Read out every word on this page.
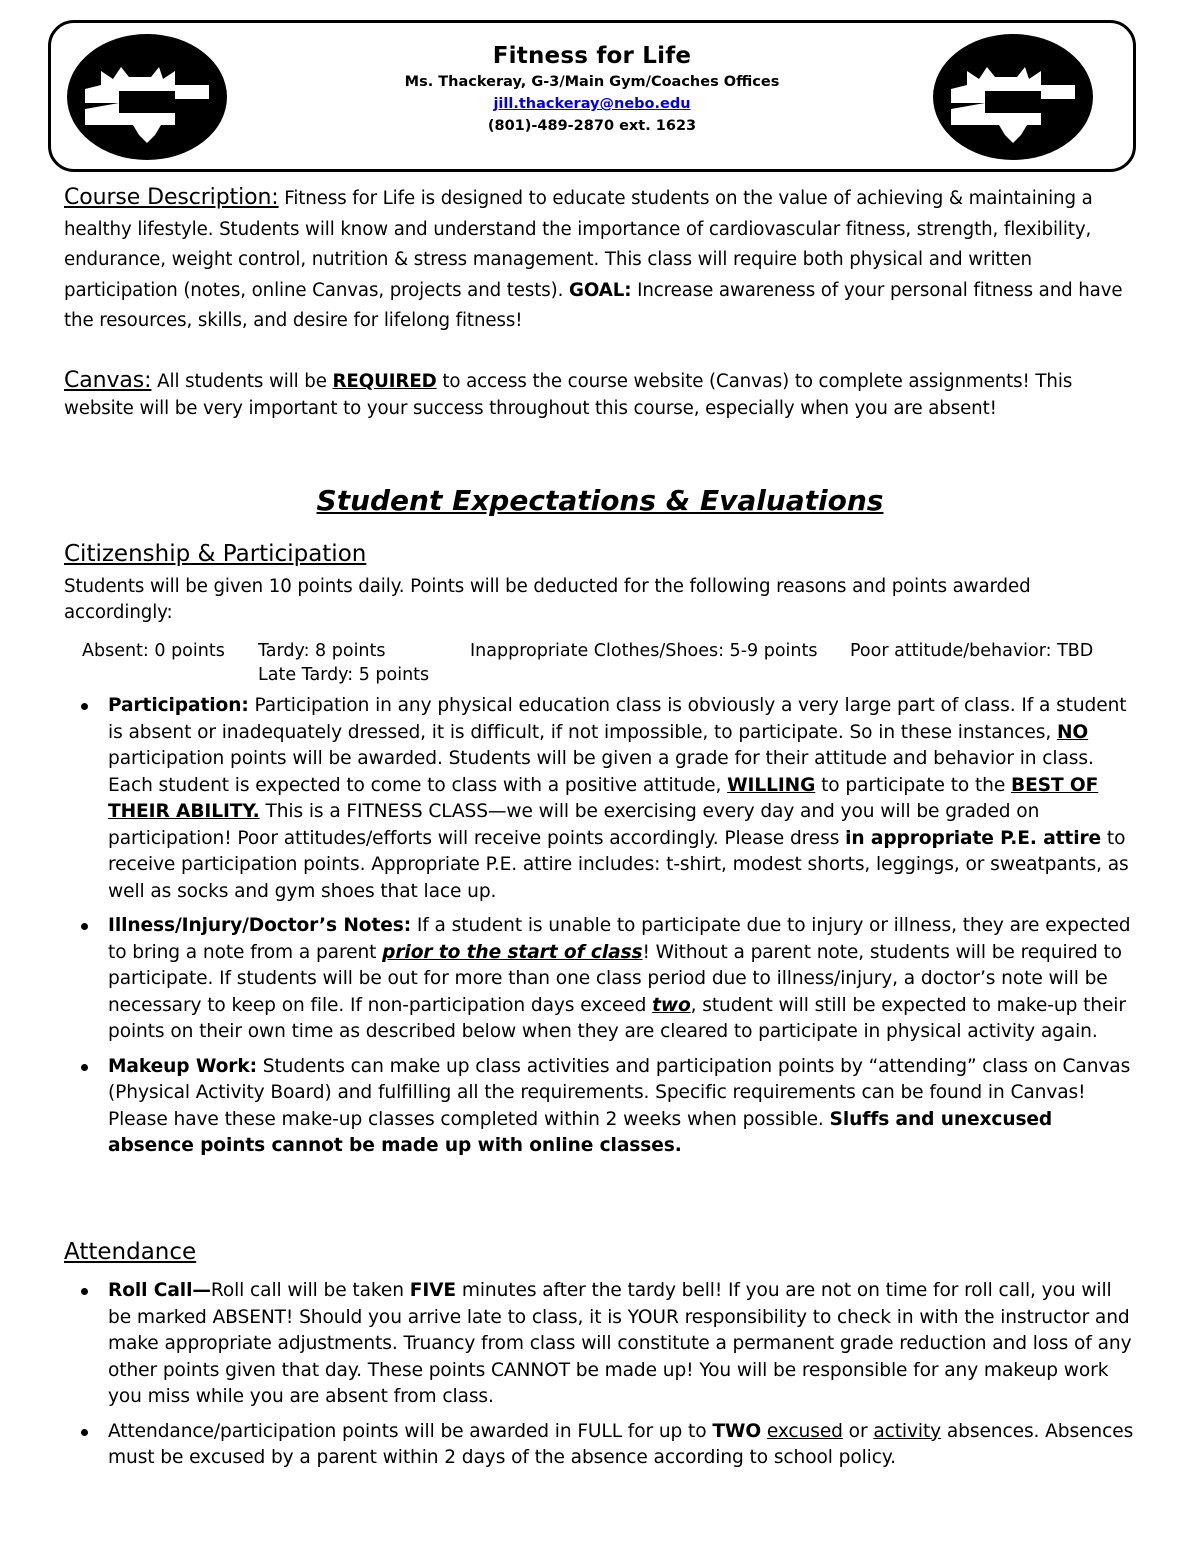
Fitness for Life
Ms. Thackeray, G-3/Main Gym/Coaches Offices
jill.thackeray@nebo.edu
(801)-489-2870 ext. 1623

Course Description: Fitness for Life is designed to educate students on the value of achieving & maintaining a healthy lifestyle. Students will know and understand the importance of cardiovascular fitness, strength, flexibility, endurance, weight control, nutrition & stress management. This class will require both physical and written participation (notes, online Canvas, projects and tests). GOAL: Increase awareness of your personal fitness and have the resources, skills, and desire for lifelong fitness!

Canvas: All students will be REQUIRED to access the course website (Canvas) to complete assignments! This website will be very important to your success throughout this course, especially when you are absent!

Student Expectations & Evaluations
Citizenship & Participation

Students will be given 10 points daily. Points will be deducted for the following reasons and points awarded accordingly:

Absent: 0 points Tardy: 8 points
Late Tardy: 5 points
Inappropriate Clothes/Shoes: 5-9 points Poor attitude/behavior: TBD
Participation: Participation in any physical education class is obviously a very large part of class. If a student is absent or inadequately dressed, it is difficult, if not impossible, to participate. So in these instances, NO participation points will be awarded. Students will be given a grade for their attitude and behavior in class. Each student is expected to come to class with a positive attitude, WILLING to participate to the BEST OF THEIR ABILITY. This is a FITNESS CLASS—we will be exercising every day and you will be graded on participation! Poor attitudes/efforts will receive points accordingly. Please dress in appropriate P.E. attire to receive participation points. Appropriate P.E. attire includes: t-shirt, modest shorts, leggings, or sweatpants, as well as socks and gym shoes that lace up.
Illness/Injury/Doctor’s Notes: If a student is unable to participate due to injury or illness, they are expected to bring a note from a parent prior to the start of class! Without a parent note, students will be required to participate. If students will be out for more than one class period due to illness/injury, a doctor’s note will be necessary to keep on file. If non-participation days exceed two, student will still be expected to make-up their points on their own time as described below when they are cleared to participate in physical activity again.
Makeup Work: Students can make up class activities and participation points by “attending” class on Canvas (Physical Activity Board) and fulfilling all the requirements. Specific requirements can be found in Canvas! Please have these make-up classes completed within 2 weeks when possible. Sluffs and unexcused absence points cannot be made up with online classes.
Attendance
Roll Call—Roll call will be taken FIVE minutes after the tardy bell! If you are not on time for roll call, you will be marked ABSENT! Should you arrive late to class, it is YOUR responsibility to check in with the instructor and make appropriate adjustments. Truancy from class will constitute a permanent grade reduction and loss of any other points given that day. These points CANNOT be made up! You will be responsible for any makeup work you miss while you are absent from class.
Attendance/participation points will be awarded in FULL for up to TWO excused or activity absences. Absences must be excused by a parent within 2 days of the absence according to school policy.
